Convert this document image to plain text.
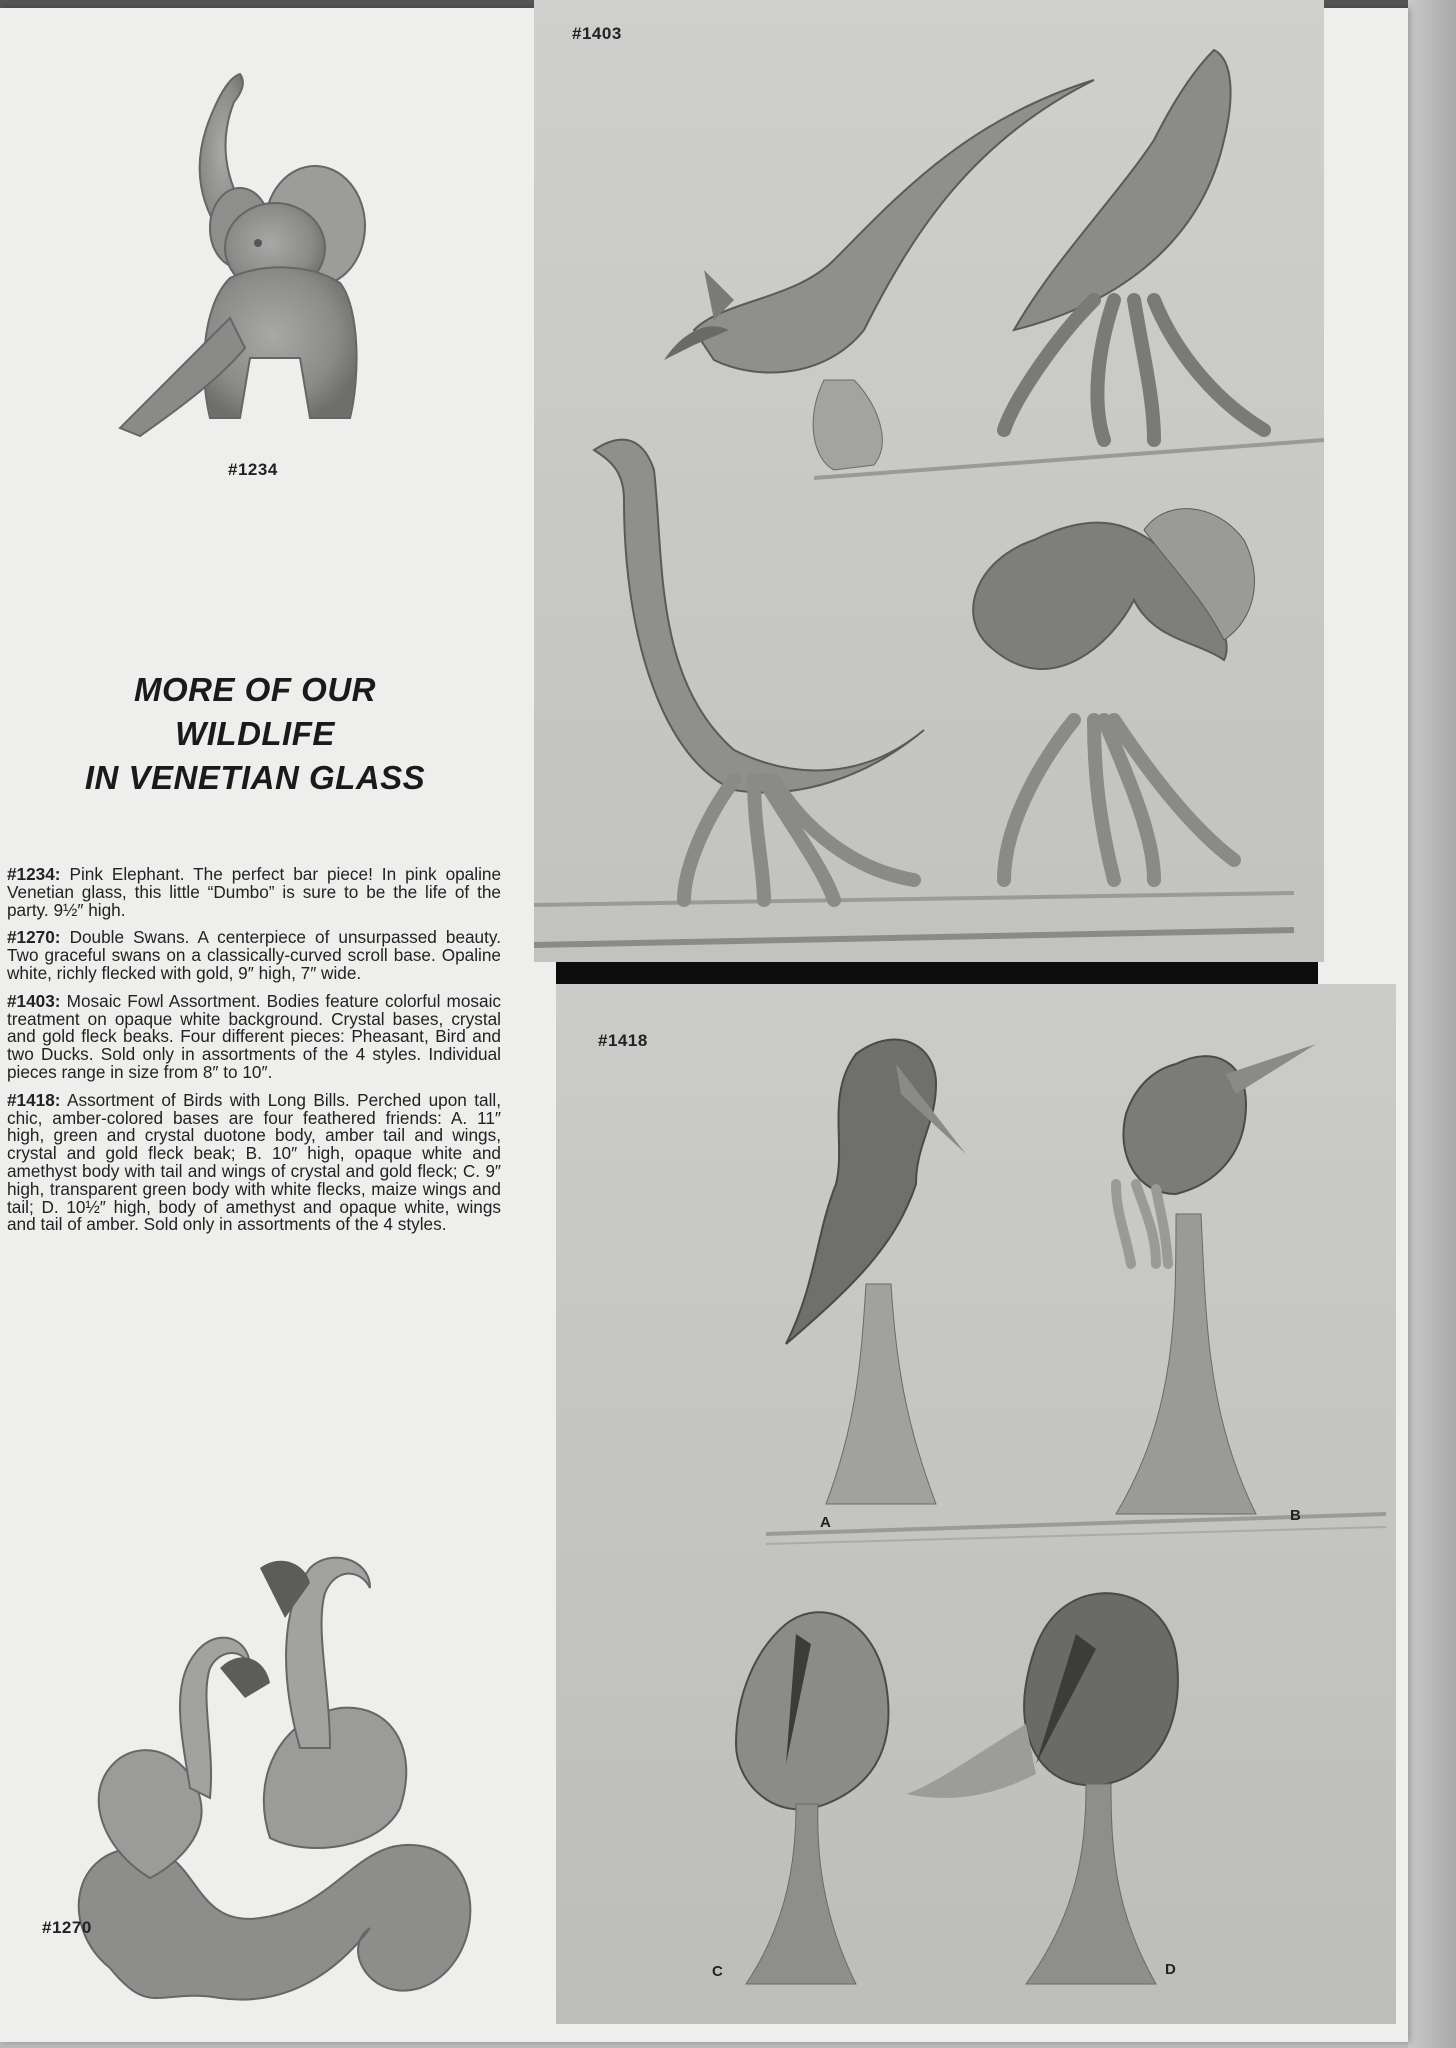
#1234
MORE OF OUR
WILDLIFE
IN VENETIAN GLASS

#1234: Pink Elephant. The perfect bar piece! In pink opaline Venetian glass, this little “Dumbo” is sure to be the life of the party. 9½″ high.

#1270: Double Swans. A centerpiece of unsurpassed beauty. Two graceful swans on a classically-curved scroll base. Opaline white, richly flecked with gold, 9″ high, 7″ wide.

#1403: Mosaic Fowl Assortment. Bodies feature colorful mosaic treatment on opaque white background. Crystal bases, crystal and gold fleck beaks. Four different pieces: Pheasant, Bird and two Ducks. Sold only in assortments of the 4 styles. Individual pieces range in size from 8″ to 10″.

#1418: Assortment of Birds with Long Bills. Perched upon tall, chic, amber-colored bases are four feathered friends: A. 11″ high, green and crystal duotone body, amber tail and wings, crystal and gold fleck beak; B. 10″ high, opaque white and amethyst body with tail and wings of crystal and gold fleck; C. 9″ high, transparent green body with white flecks, maize wings and tail; D. 10½″ high, body of amethyst and opaque white, wings and tail of amber. Sold only in assortments of the 4 styles.

#1270
#1403
#1418
A	B
C	D
